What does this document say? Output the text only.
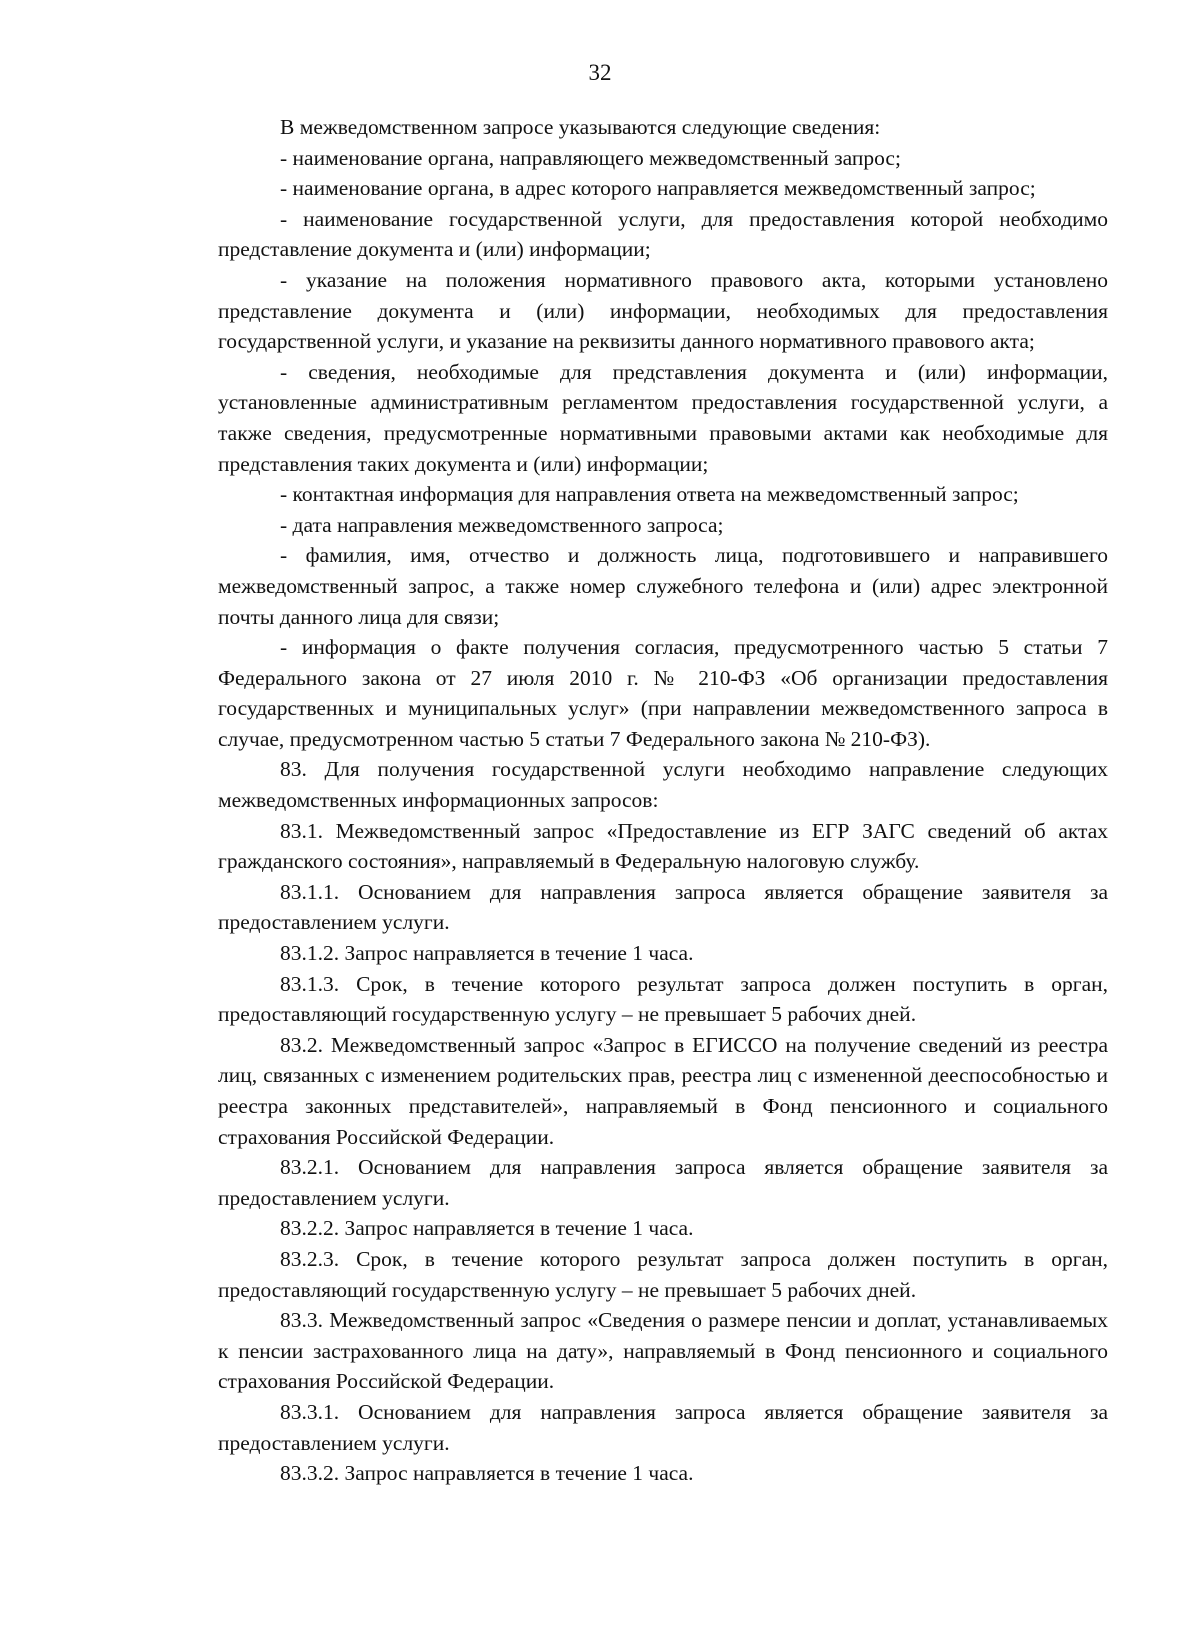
32

В межведомственном запросе указываются следующие сведения:

- наименование органа, направляющего межведомственный запрос;

- наименование органа, в адрес которого направляется межведомственный запрос;

- наименование государственной услуги, для предоставления которой необходимо представление документа и (или) информации;

- указание на положения нормативного правового акта, которыми установлено представление документа и (или) информации, необходимых для предоставления государственной услуги, и указание на реквизиты данного нормативного правового акта;

- сведения, необходимые для представления документа и (или) информации, установленные административным регламентом предоставления государственной услуги, а также сведения, предусмотренные нормативными правовыми актами как необходимые для представления таких документа и (или) информации;

- контактная информация для направления ответа на межведомственный запрос;

- дата направления межведомственного запроса;

- фамилия, имя, отчество и должность лица, подготовившего и направившего межведомственный запрос, а также номер служебного телефона и (или) адрес электронной почты данного лица для связи;

- информация о факте получения согласия, предусмотренного частью 5 статьи 7 Федерального закона от 27 июля 2010 г. № 210-ФЗ «Об организации предоставления государственных и муниципальных услуг» (при направлении межведомственного запроса в случае, предусмотренном частью 5 статьи 7 Федерального закона № 210-ФЗ).

83. Для получения государственной услуги необходимо направление следующих межведомственных информационных запросов:

83.1. Межведомственный запрос «Предоставление из ЕГР ЗАГС сведений об актах гражданского состояния», направляемый в Федеральную налоговую службу.

83.1.1. Основанием для направления запроса является обращение заявителя за предоставлением услуги.

83.1.2. Запрос направляется в течение 1 часа.

83.1.3. Срок, в течение которого результат запроса должен поступить в орган, предоставляющий государственную услугу – не превышает 5 рабочих дней.

83.2. Межведомственный запрос «Запрос в ЕГИССО на получение сведений из реестра лиц, связанных с изменением родительских прав, реестра лиц с измененной дееспособностью и реестра законных представителей», направляемый в Фонд пенсионного и социального страхования Российской Федерации.

83.2.1. Основанием для направления запроса является обращение заявителя за предоставлением услуги.

83.2.2. Запрос направляется в течение 1 часа.

83.2.3. Срок, в течение которого результат запроса должен поступить в орган, предоставляющий государственную услугу – не превышает 5 рабочих дней.

83.3. Межведомственный запрос «Сведения о размере пенсии и доплат, устанавливаемых к пенсии застрахованного лица на дату», направляемый в Фонд пенсионного и социального страхования Российской Федерации.

83.3.1. Основанием для направления запроса является обращение заявителя за предоставлением услуги.

83.3.2. Запрос направляется в течение 1 часа.
